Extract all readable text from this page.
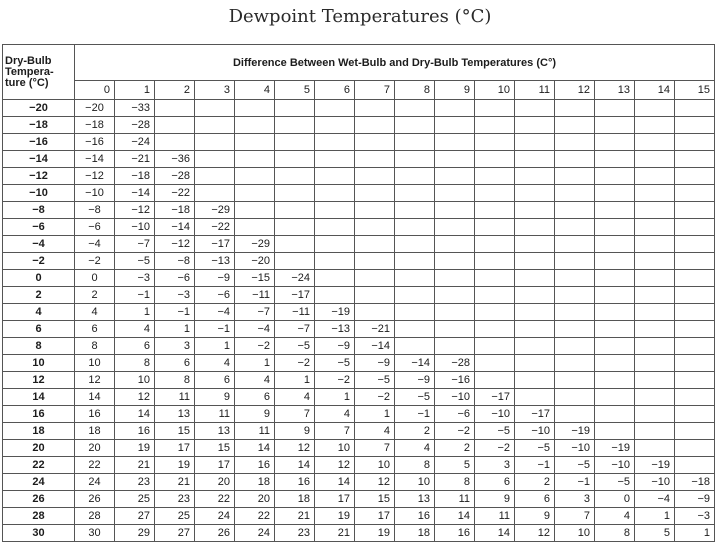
Dewpoint Temperatures (°C)
Dry-Bulb
Tempera-
ture (°C)	Difference Between Wet-Bulb and Dry-Bulb Temperatures (C°)															
	0	1	2	3	4	5	6	7	8	9	10	11	12	13	14	15
−20	−20	−33														
−18	−18	−28														
−16	−16	−24														
−14	−14	−21	−36													
−12	−12	−18	−28													
−10	−10	−14	−22													
−8	−8	−12	−18	−29												
−6	−6	−10	−14	−22												
−4	−4	−7	−12	−17	−29											
−2	−2	−5	−8	−13	−20											
0	0	−3	−6	−9	−15	−24										
2	2	−1	−3	−6	−11	−17										
4	4	1	−1	−4	−7	−11	−19									
6	6	4	1	−1	−4	−7	−13	−21								
8	8	6	3	1	−2	−5	−9	−14								
10	10	8	6	4	1	−2	−5	−9	−14	−28						
12	12	10	8	6	4	1	−2	−5	−9	−16						
14	14	12	11	9	6	4	1	−2	−5	−10	−17					
16	16	14	13	11	9	7	4	1	−1	−6	−10	−17				
18	18	16	15	13	11	9	7	4	2	−2	−5	−10	−19			
20	20	19	17	15	14	12	10	7	4	2	−2	−5	−10	−19		
22	22	21	19	17	16	14	12	10	8	5	3	−1	−5	−10	−19	
24	24	23	21	20	18	16	14	12	10	8	6	2	−1	−5	−10	−18
26	26	25	23	22	20	18	17	15	13	11	9	6	3	0	−4	−9
28	28	27	25	24	22	21	19	17	16	14	11	9	7	4	1	−3
30	30	29	27	26	24	23	21	19	18	16	14	12	10	8	5	1
